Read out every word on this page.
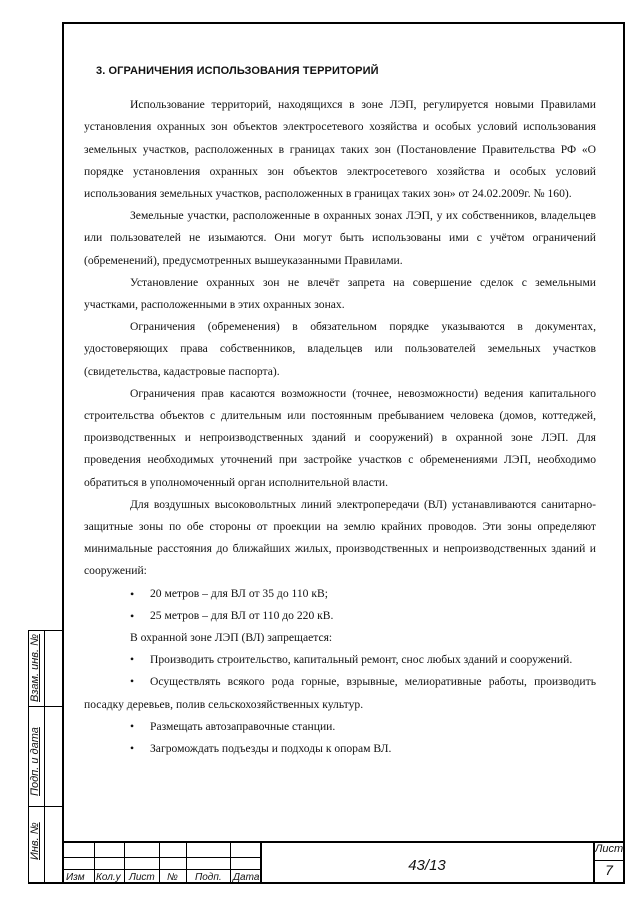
Взам. инв. №
Подп. и дата
Инв. №
Изм Кол.у Лист № Подп. Дата
43/13
Лист
7

3. ОГРАНИЧЕНИЯ ИСПОЛЬЗОВАНИЯ ТЕРРИТОРИЙ

Использование территорий, находящихся в зоне ЛЭП, регулируется новыми Правилами установления охранных зон объектов электросетевого хозяйства и особых условий использования земельных участков, расположенных в границах таких зон (Постановление Правительства РФ «О порядке установления охранных зон объектов электросетевого хозяйства и особых условий использования земельных участков, расположенных в границах таких зон» от 24.02.2009г. № 160).

Земельные участки, расположенные в охранных зонах ЛЭП, у их собственников, владельцев или пользователей не изымаются. Они могут быть использованы ими с учётом ограничений (обременений), предусмотренных вышеуказанными Правилами.

Установление охранных зон не влечёт запрета на совершение сделок с земельными участками, расположенными в этих охранных зонах.

Ограничения (обременения) в обязательном порядке указываются в документах, удостоверяющих права собственников, владельцев или пользователей земельных участков (свидетельства, кадастровые паспорта).

Ограничения прав касаются возможности (точнее, невозможности) ведения капитального строительства объектов с длительным или постоянным пребыванием человека (домов, коттеджей, производственных и непроизводственных зданий и сооружений) в охранной зоне ЛЭП. Для проведения необходимых уточнений при застройке участков с обременениями ЛЭП, необходимо обратиться в уполномоченный орган исполнительной власти.

Для воздушных высоковольтных линий электропередачи (ВЛ) устанавливаются санитарно-защитные зоны по обе стороны от проекции на землю крайних проводов. Эти зоны определяют минимальные расстояния до ближайших жилых, производственных и непроизводственных зданий и сооружений:

• 20 метров – для ВЛ от 35 до 110 кВ;
• 25 метров – для ВЛ от 110 до 220 кВ.

В охранной зоне ЛЭП (ВЛ) запрещается:

• Производить строительство, капитальный ремонт, снос любых зданий и сооружений.

• Осуществлять всякого рода горные, взрывные, мелиоративные работы, производить посадку деревьев, полив сельскохозяйственных культур.

• Размещать автозаправочные станции.

• Загромождать подъезды и подходы к опорам ВЛ.
